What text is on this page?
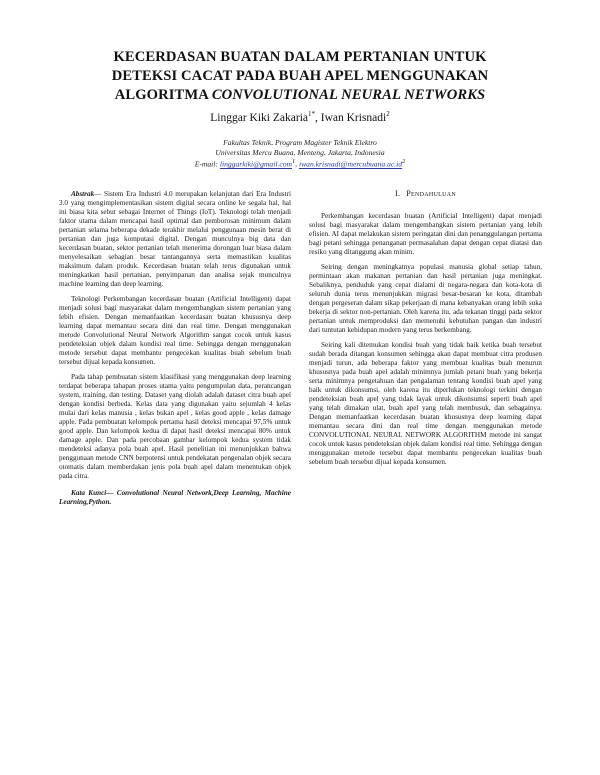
KECERDASAN BUATAN DALAM PERTANIAN UNTUK
DETEKSI CACAT PADA BUAH APEL MENGGUNAKAN
ALGORITMA CONVOLUTIONAL NEURAL NETWORKS
Linggar Kiki Zakaria$^{1*}$, Iwan Krisnadi$^2$
Fakultas Teknik, Program Magister Teknik Elektro
Universitas Mercu Buana, Menteng, Jakarta, Indonesia
E-mail: linggarkiki@gmail.com$^1$, $iwan.krisnadi@mercubuana.ac.id^2$

Abstrak— Sistem Era Industri 4.0 merupakan kelanjutan dari Era Industri 3.0 yang mengimplementasikan sistem digital secara online ke segala hal, hal ini biasa kita sebut sebagai Internet of Things (IoT). Teknologi telah menjadi faktor utama dalam mencapai hasil optimal dan pemborosan minimum dalam pertanian selama beberapa dekade terakhir melalui penggunaan mesin berat di pertanian dan juga komputasi digital. Dengan munculnya big data dan kecerdasan buatan, sektor pertanian telah menerima dorongan luar biasa dalam menyelesaikan sebagian besar tantangannya serta memastikan kualitas maksimum dalam produk. Kecerdasan buatan telah terus digunakan untuk meningkatkan hasil pertanian, penyimpanan dan analisa sejak munculnya machine learning dan deep learning.

Teknologi Perkembangan kecerdasan buatan (Artificial Intelligent) dapat menjadi solusi bagi masyarakat dalam mengembangkan sistem pertanian yang lebih efisien. Dengan memanfaatkan kecerdasan buatan khususnya deep learning dapat memantau secara dini dan real time. Dengan menggunakan metode Convolutional Neural Network Algorithm sangat cocok untuk kasus pendeteksian objek dalam kondisi real time. Sehingga dengan menggunakan metode tersebut dapat membantu pengecekan kualitas buah sebelum buah tersebut dijual kepada konsumen.

Pada tahap pembuatan sistem klasifikasi yang menggunakan deep learning terdapat beberapa tahapan proses utama yaitu pengumpulan data, perancangan system, training, dan testing. Dataset yang diolah adalah dataset citra buah apel dengan kondisi berbeda. Kelas data yang digunakan yaitu sejumlah 4 kelas mulai dari kelas manusia , kelas bukan apel , kelas good apple , kelas damage apple. Pada pembuatan kelompok pertama hasil deteksi mencapai 97,5% untuk good apple. Dan kelompok kedua di dapat hasil deteksi mencapai 80% untuk damage apple. Dan pada percobaan gambar kelompok kedua system tidak mendeteksi adanya pola buah apel. Hasil penelitian ini menunjukkan bahwa penggunaan metode CNN berpotensi untuk pendekatan pengenalan objek secara otomatis dalam memberdakan jenis pola buah apel dalam menentukan objek pada citra.

Kata Kunci— Convolutional Neural Network,Deep Learning, Machine Learning,Python.

I. Pendahuluan

Perkembangan kecerdasan buatan (Artificial Intelligent) dapat menjadi solusi bagi masyarakat dalam mengembangkan sistem pertanian yang lebih efisien. AI dapat melakukan sistem peringatan dini dan penanggulangan pertama bagi petani sehingga penanganan permasalahan dapat dengan cepat diatasi dan resiko yang ditanggung akan minim.

Seiring dengan meningkatnya populasi manusia global setiap tahun, permintaan akan makanan pertanian dan hasil pertanian juga meningkat. Sebaliknya, penduduk yang cepat dialami di negara-negara dan kota-kota di seluruh dunia terus menunjukkan migrasi besar-besaran ke kota, ditambah dengan pergeseran dalam sikap pekerjaan di mana kebanyakan orang lebih suka bekerja di sektor non-pertanian. Oleh karena itu, ada tekanan tinggi pada sektor pertanian untuk memproduksi dan memenuhi kebutuhan pangan dan industri dari tuntutan kehidupan modern yang terus berkembang.

Seiring kali ditemukan kondisi buah yang tidak baik ketika buah tersebut sudah berada ditangan konsumen sehingga akan dapat membuat citra produsen menjadi turun, ada beberapa faktor yang membuat kualitas buah menurun khususnya pada buah apel adalah minimnya jumlah petani buah yang bekerja serta minimnya pengetahuan dan pengalaman tentang kondisi buah apel yang baik untuk dikonsumsi, oleh karena itu diperlukan teknologi terkini dengan pendeteksian buah apel yang tidak layak untuk dikonsumsi seperti buah apel yang telah dimakan ulat, buah apel yang telah membusuk, dan sebagainya. Dengan memanfaatkan kecerdasan buatan khususnya deep learning dapat memantau secara dini dan real time dengan menggunakan metode CONVOLUTIONAL NEURAL NETWORK ALGORITHM metode ini sangat cocok untuk kasus pendeteksian objek dalam kondisi real time. Sehingga dengan menggunakan metode tersebut dapat membantu pengecekan kualitas buah sebelum buah tersebut dijual kepada konsumen.
